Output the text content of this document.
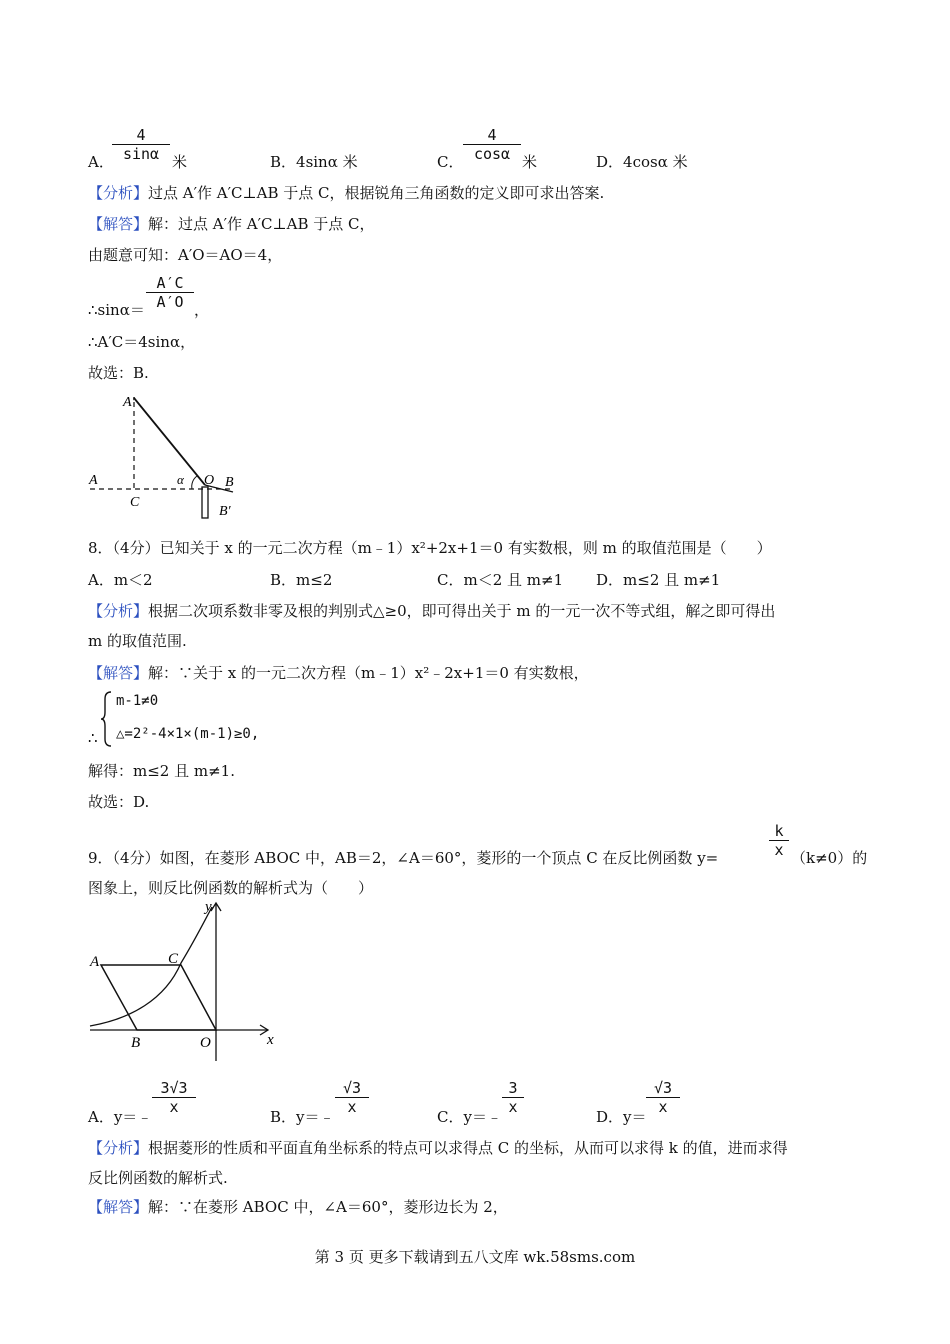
A．
4
sinα 米	B．4sinα 米	C．
4
cosα 米	D．4cosα 米
【分析】过点 A′作 A′C⊥AB 于点 C，根据锐角三角函数的定义即可求出答案.
【解答】解：过点 A′作 A′C⊥AB 于点 C，
由题意可知：A′O＝AO＝4，
∴sinα＝
A′C
A′O ，
∴A′C＝4sinα，
故选：B.
A′
A
C
α O B
B′
8．（4分）已知关于 x 的一元二次方程（m﹣1）x²+2x+1＝0 有实数根，则 m 的取值范围是（　　）
A．m＜2	B．m≤2	C．m＜2 且 m≠1 D．m≤2 且 m≠1
【分析】根据二次项系数非零及根的判别式△≥0，即可得出关于 m 的一元一次不等式组，解之即可得出
m 的取值范围.
【解答】解：∵关于 x 的一元二次方程（m﹣1）x²﹣2x+1＝0 有实数根，
∴
m-1≠0
△=2²-4×1×(m-1)≥0,
解得：m≤2 且 m≠1.
故选：D.
9．（4分）如图，在菱形 ABOC 中，AB＝2，∠A＝60°，菱形的一个顶点 C 在反比例函数 y=
k
x （k≠0）的
图象上，则反比例函数的解析式为（　　）
y
x
A	C
B	O
A．y＝﹣
3√3
x
B．y＝﹣
√3
x
C．y＝﹣
3
x
D．y＝
√3
x
【分析】根据菱形的性质和平面直角坐标系的特点可以求得点 C 的坐标，从而可以求得 k 的值，进而求得
反比例函数的解析式.
【解答】解：∵在菱形 ABOC 中，∠A＝60°，菱形边长为 2，
第 3 页 更多下载请到五八文库 wk.58sms.com
